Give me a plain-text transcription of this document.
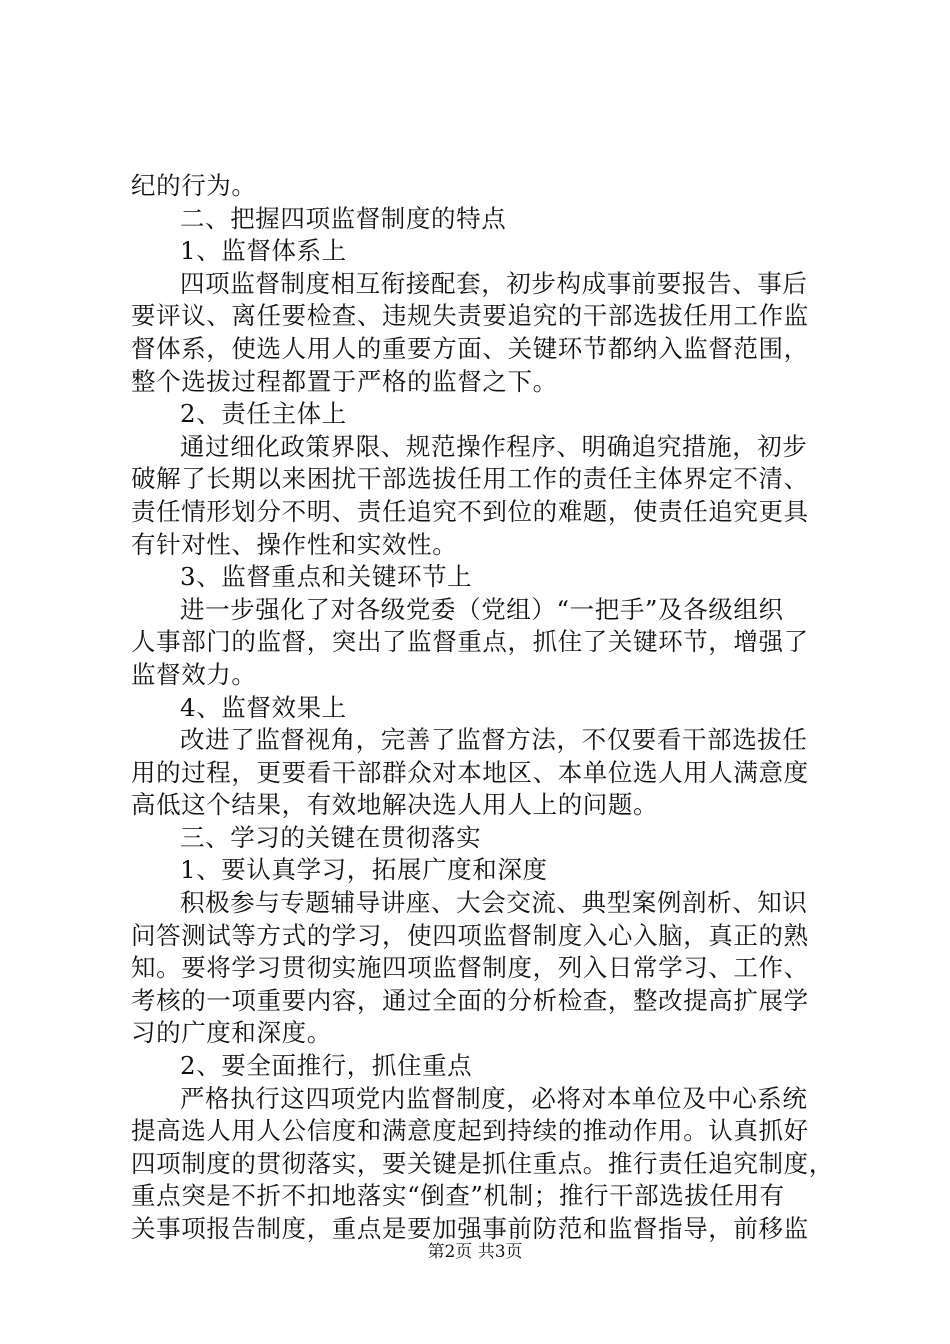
纪的行为。

二、把握四项监督制度的特点

1、监督体系上

四项监督制度相互衔接配套，初步构成事前要报告、事后

要评议、离任要检查、违规失责要追究的干部选拔任用工作监

督体系，使选人用人的重要方面、关键环节都纳入监督范围，

整个选拔过程都置于严格的监督之下。

2、责任主体上

通过细化政策界限、规范操作程序、明确追究措施，初步

破解了长期以来困扰干部选拔任用工作的责任主体界定不清、

责任情形划分不明、责任追究不到位的难题，使责任追究更具

有针对性、操作性和实效性。

3、监督重点和关键环节上

进一步强化了对各级党委（党组）“一把手”及各级组织

人事部门的监督，突出了监督重点，抓住了关键环节，增强了

监督效力。

4、监督效果上

改进了监督视角，完善了监督方法，不仅要看干部选拔任

用的过程，更要看干部群众对本地区、本单位选人用人满意度

高低这个结果，有效地解决选人用人上的问题。

三、学习的关键在贯彻落实

1、要认真学习，拓展广度和深度

积极参与专题辅导讲座、大会交流、典型案例剖析、知识

问答测试等方式的学习，使四项监督制度入心入脑，真正的熟

知。要将学习贯彻实施四项监督制度，列入日常学习、工作、

考核的一项重要内容，通过全面的分析检查，整改提高扩展学

习的广度和深度。

2、要全面推行，抓住重点

严格执行这四项党内监督制度，必将对本单位及中心系统

提高选人用人公信度和满意度起到持续的推动作用。认真抓好

四项制度的贯彻落实，要关键是抓住重点。推行责任追究制度，

重点突是不折不扣地落实“倒查”机制；推行干部选拔任用有

关事项报告制度，重点是要加强事前防范和监督指导，前移监

第2页 共3页
